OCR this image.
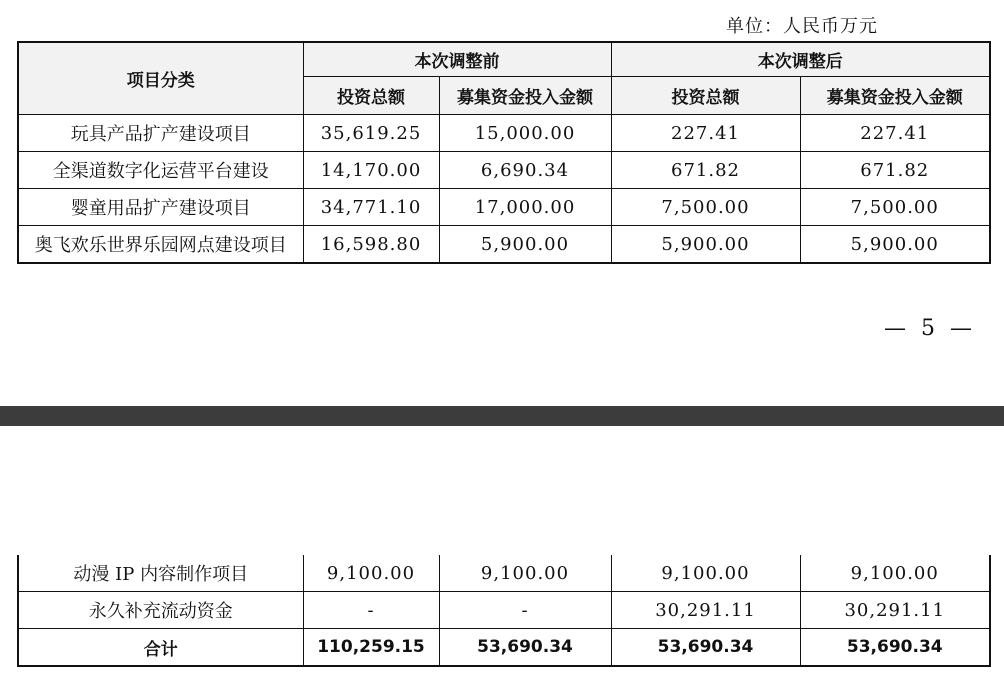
单位：人民币万元
项目分类	本次调整前		本次调整后	
	投资总额	募集资金投入金额	投资总额	募集资金投入金额
玩具产品扩产建设项目	35,619.25	15,000.00	227.41	227.41
全渠道数字化运营平台建设	14,170.00	6,690.34	671.82	671.82
婴童用品扩产建设项目	34,771.10	17,000.00	7,500.00	7,500.00
奥飞欢乐世界乐园网点建设项目	16,598.80	5,900.00	5,900.00	5,900.00
— 5 —
动漫 IP 内容制作项目	9,100.00	9,100.00	9,100.00	9,100.00
永久补充流动资金	-	-	30,291.11	30,291.11
合计	110,259.15	53,690.34	53,690.34	53,690.34
